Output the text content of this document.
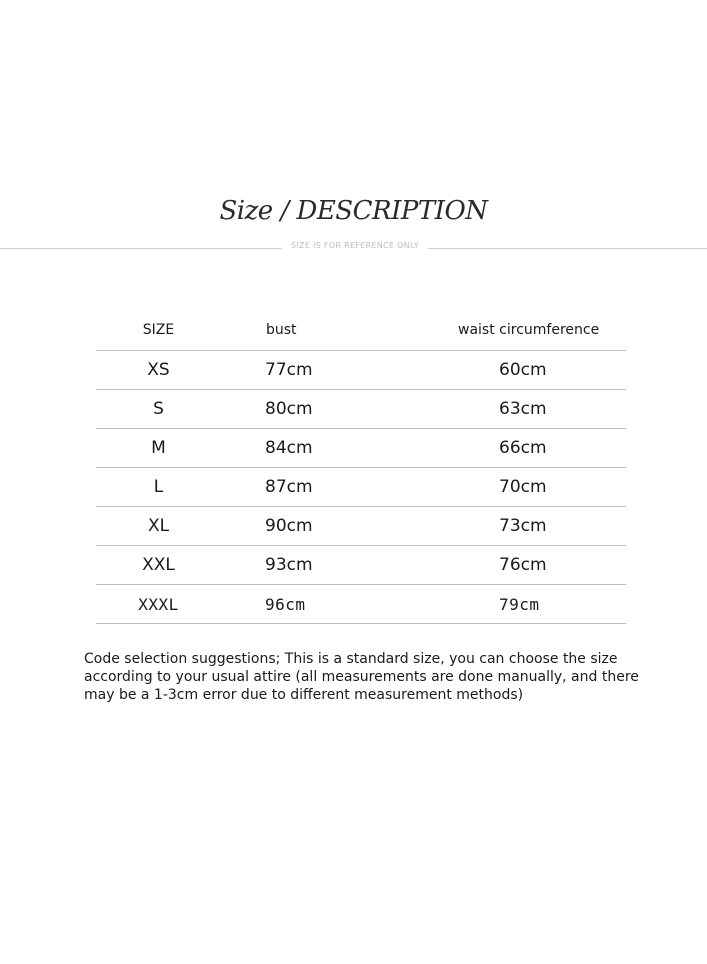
Size / DESCRIPTION
SIZE IS FOR REFERENCE ONLY
SIZE	bust	waist circumference
XS	77cm	60cm
S	80cm	63cm
M	84cm	66cm
L	87cm	70cm
XL	90cm	73cm
XXL	93cm	76cm
XXXL	96cm	79cm

Code selection suggestions; This is a standard size, you can choose the size according to your usual attire (all measurements are done manually, and there may be a 1-3cm error due to different measurement methods)
